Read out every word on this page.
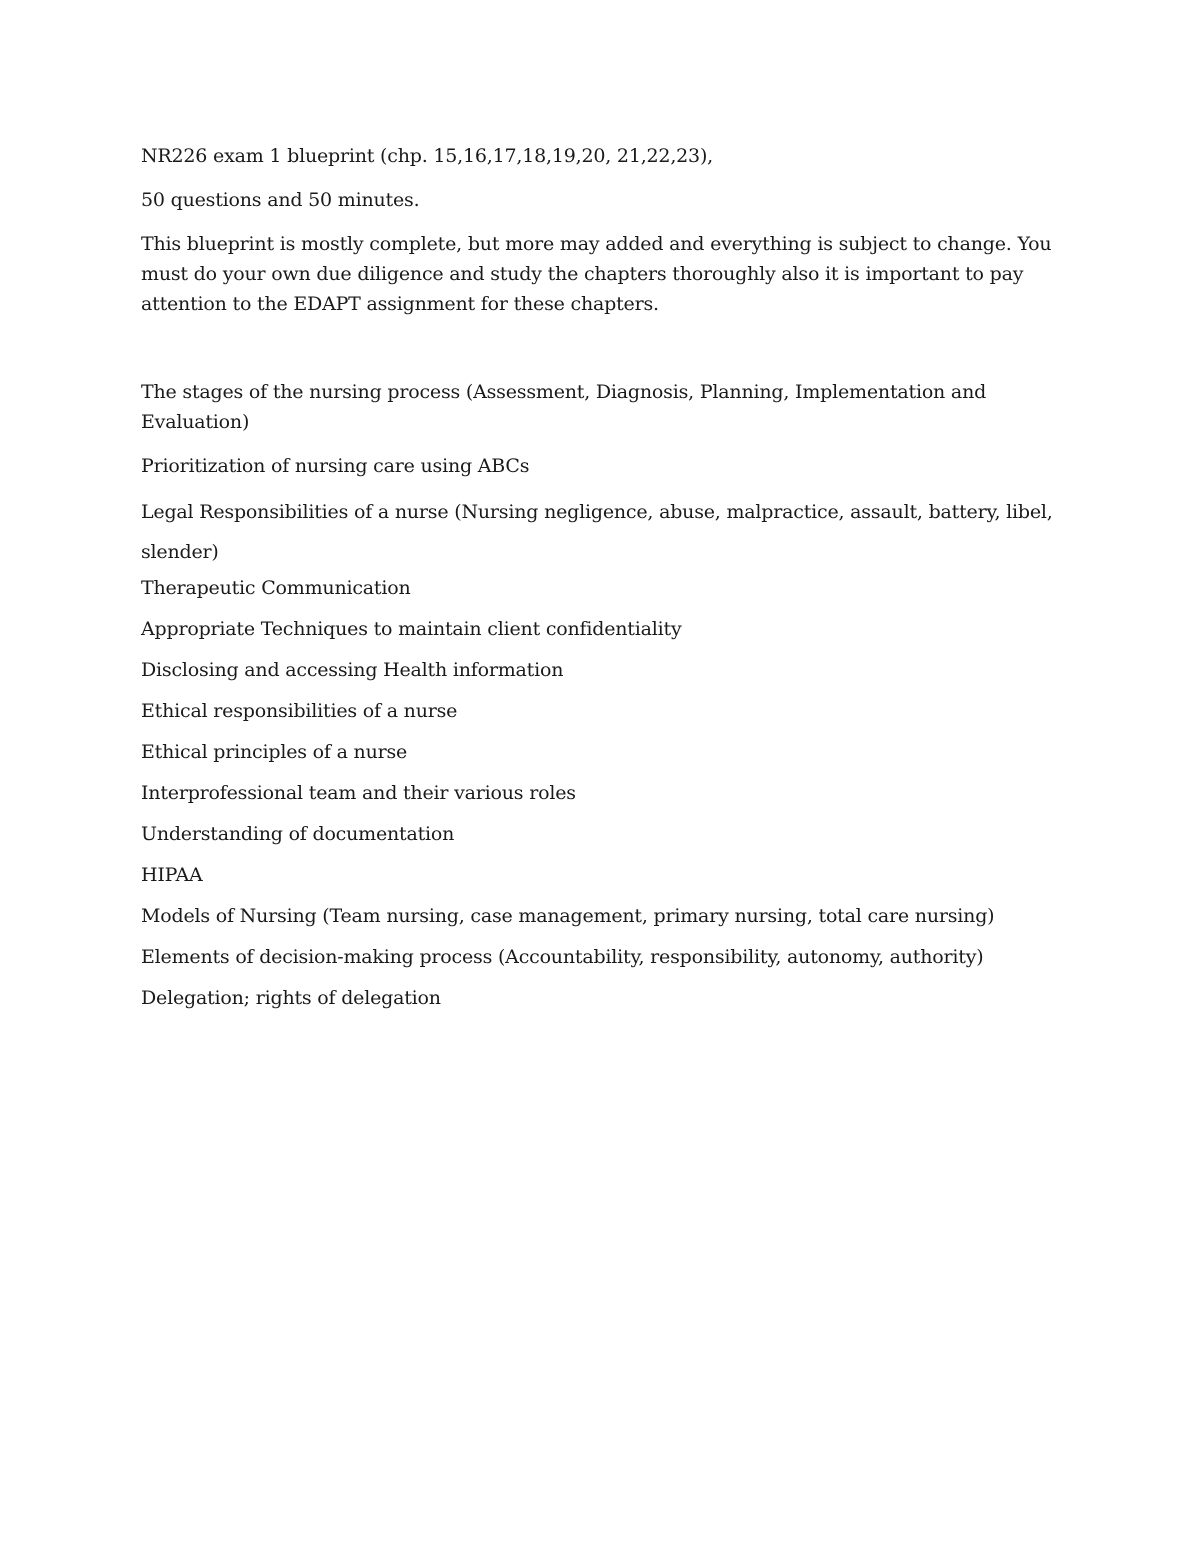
NR226 exam 1 blueprint (chp. 15,16,17,18,19,20, 21,22,23),

50 questions and 50 minutes.

This blueprint is mostly complete, but more may added and everything is subject to change. You must do your own due diligence and study the chapters thoroughly also it is important to pay attention to the EDAPT assignment for these chapters.

The stages of the nursing process (Assessment, Diagnosis, Planning, Implementation and Evaluation)

Prioritization of nursing care using ABCs

Legal Responsibilities of a nurse (Nursing negligence, abuse, malpractice, assault, battery, libel, slender)

Therapeutic Communication

Appropriate Techniques to maintain client confidentiality

Disclosing and accessing Health information

Ethical responsibilities of a nurse

Ethical principles of a nurse

Interprofessional team and their various roles

Understanding of documentation

HIPAA

Models of Nursing (Team nursing, case management, primary nursing, total care nursing)

Elements of decision-making process (Accountability, responsibility, autonomy, authority)

Delegation; rights of delegation
